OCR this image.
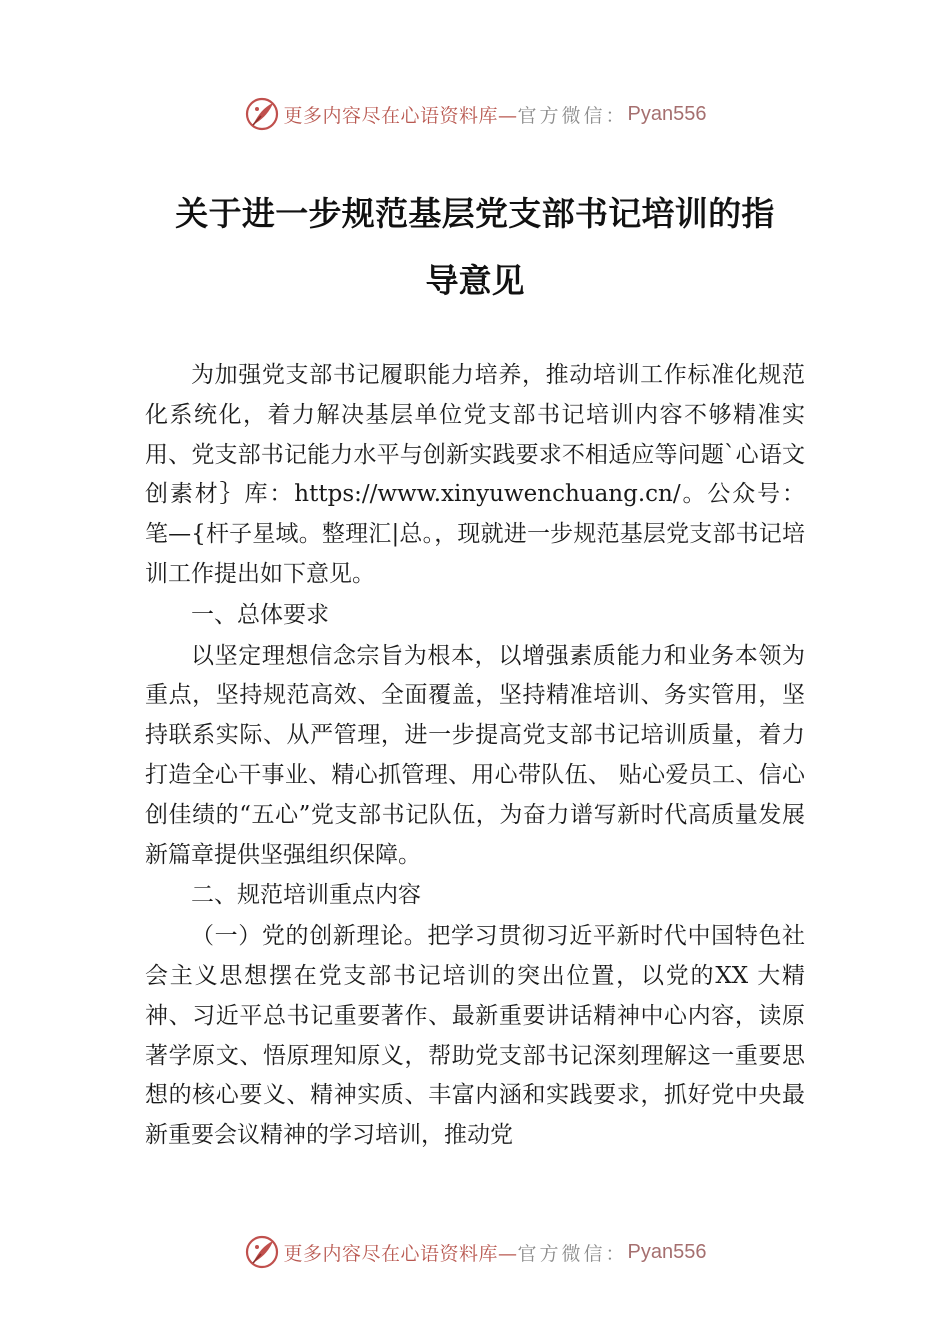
更多内容尽在心语资料库— 官方微信： Pyan556
关于进一步规范基层党支部书记培训的指
导意见

为加强党支部书记履职能力培养，推动培训工作标准化规范化系统化，着力解决基层单位党支部书记培训内容不够精准实用、党支部书记能力水平与创新实践要求不相适应等问题`心语文创素材｝库：https://www.xinyuwenchuang.cn/。公众号：笔—{杆子星域。整理汇|总。，现就进一步规范基层党支部书记培训工作提出如下意见。

一、总体要求

以坚定理想信念宗旨为根本，以增强素质能力和业务本领为重点，坚持规范高效、全面覆盖，坚持精准培训、务实管用，坚持联系实际、从严管理，进一步提高党支部书记培训质量，着力打造全心干事业、精心抓管理、用心带队伍、 贴心爱员工、信心创佳绩的“五心”党支部书记队伍，为奋力谱写新时代高质量发展新篇章提供坚强组织保障。

二、规范培训重点内容

（一）党的创新理论。把学习贯彻习近平新时代中国特色社会主义思想摆在党支部书记培训的突出位置，以党的XX 大精神、习近平总书记重要著作、最新重要讲话精神中心内容，读原著学原文、悟原理知原义，帮助党支部书记深刻理解这一重要思想的核心要义、精神实质、丰富内涵和实践要求，抓好党中央最新重要会议精神的学习培训，推动党

更多内容尽在心语资料库— 官方微信： Pyan556
